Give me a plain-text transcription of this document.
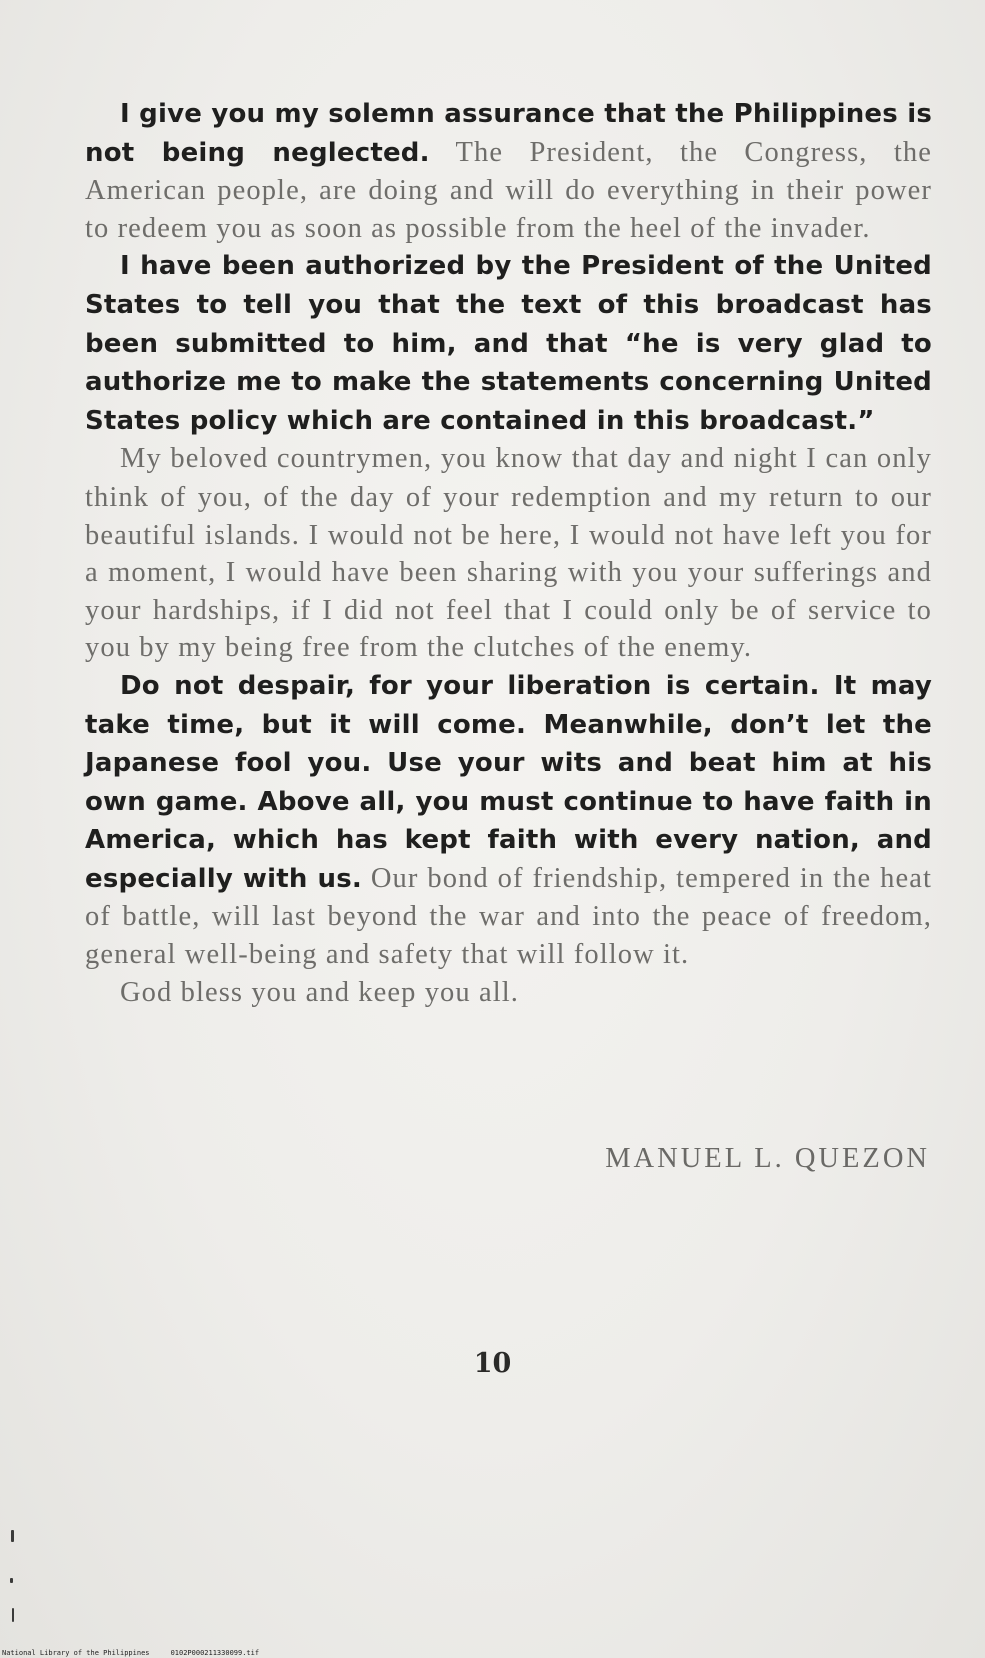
I give you my solemn assurance that the Philippines is not being neglected. The President, the Congress, the American people, are doing and will do everything in their power to redeem you as soon as possible from the heel of the invader.

I have been authorized by the President of the United States to tell you that the text of this broadcast has been submitted to him, and that “he is very glad to authorize me to make the statements concerning United States policy which are contained in this broadcast.”

My beloved countrymen, you know that day and night I can only think of you, of the day of your redemption and my return to our beautiful islands. I would not be here, I would not have left you for a moment, I would have been sharing with you your sufferings and your hardships, if I did not feel that I could only be of service to you by my being free from the clutches of the enemy.

Do not despair, for your liberation is certain. It may take time, but it will come. Meanwhile, don’t let the Japanese fool you. Use your wits and beat him at his own game. Above all, you must continue to have faith in America, which has kept faith with every nation, and especially with us. Our bond of friendship, tempered in the heat of battle, will last beyond the war and into the peace of freedom, general well-being and safety that will follow it.

God bless you and keep you all.

MANUEL L. QUEZON

10

National Library of the Philippines     0102P000211330099.tif
